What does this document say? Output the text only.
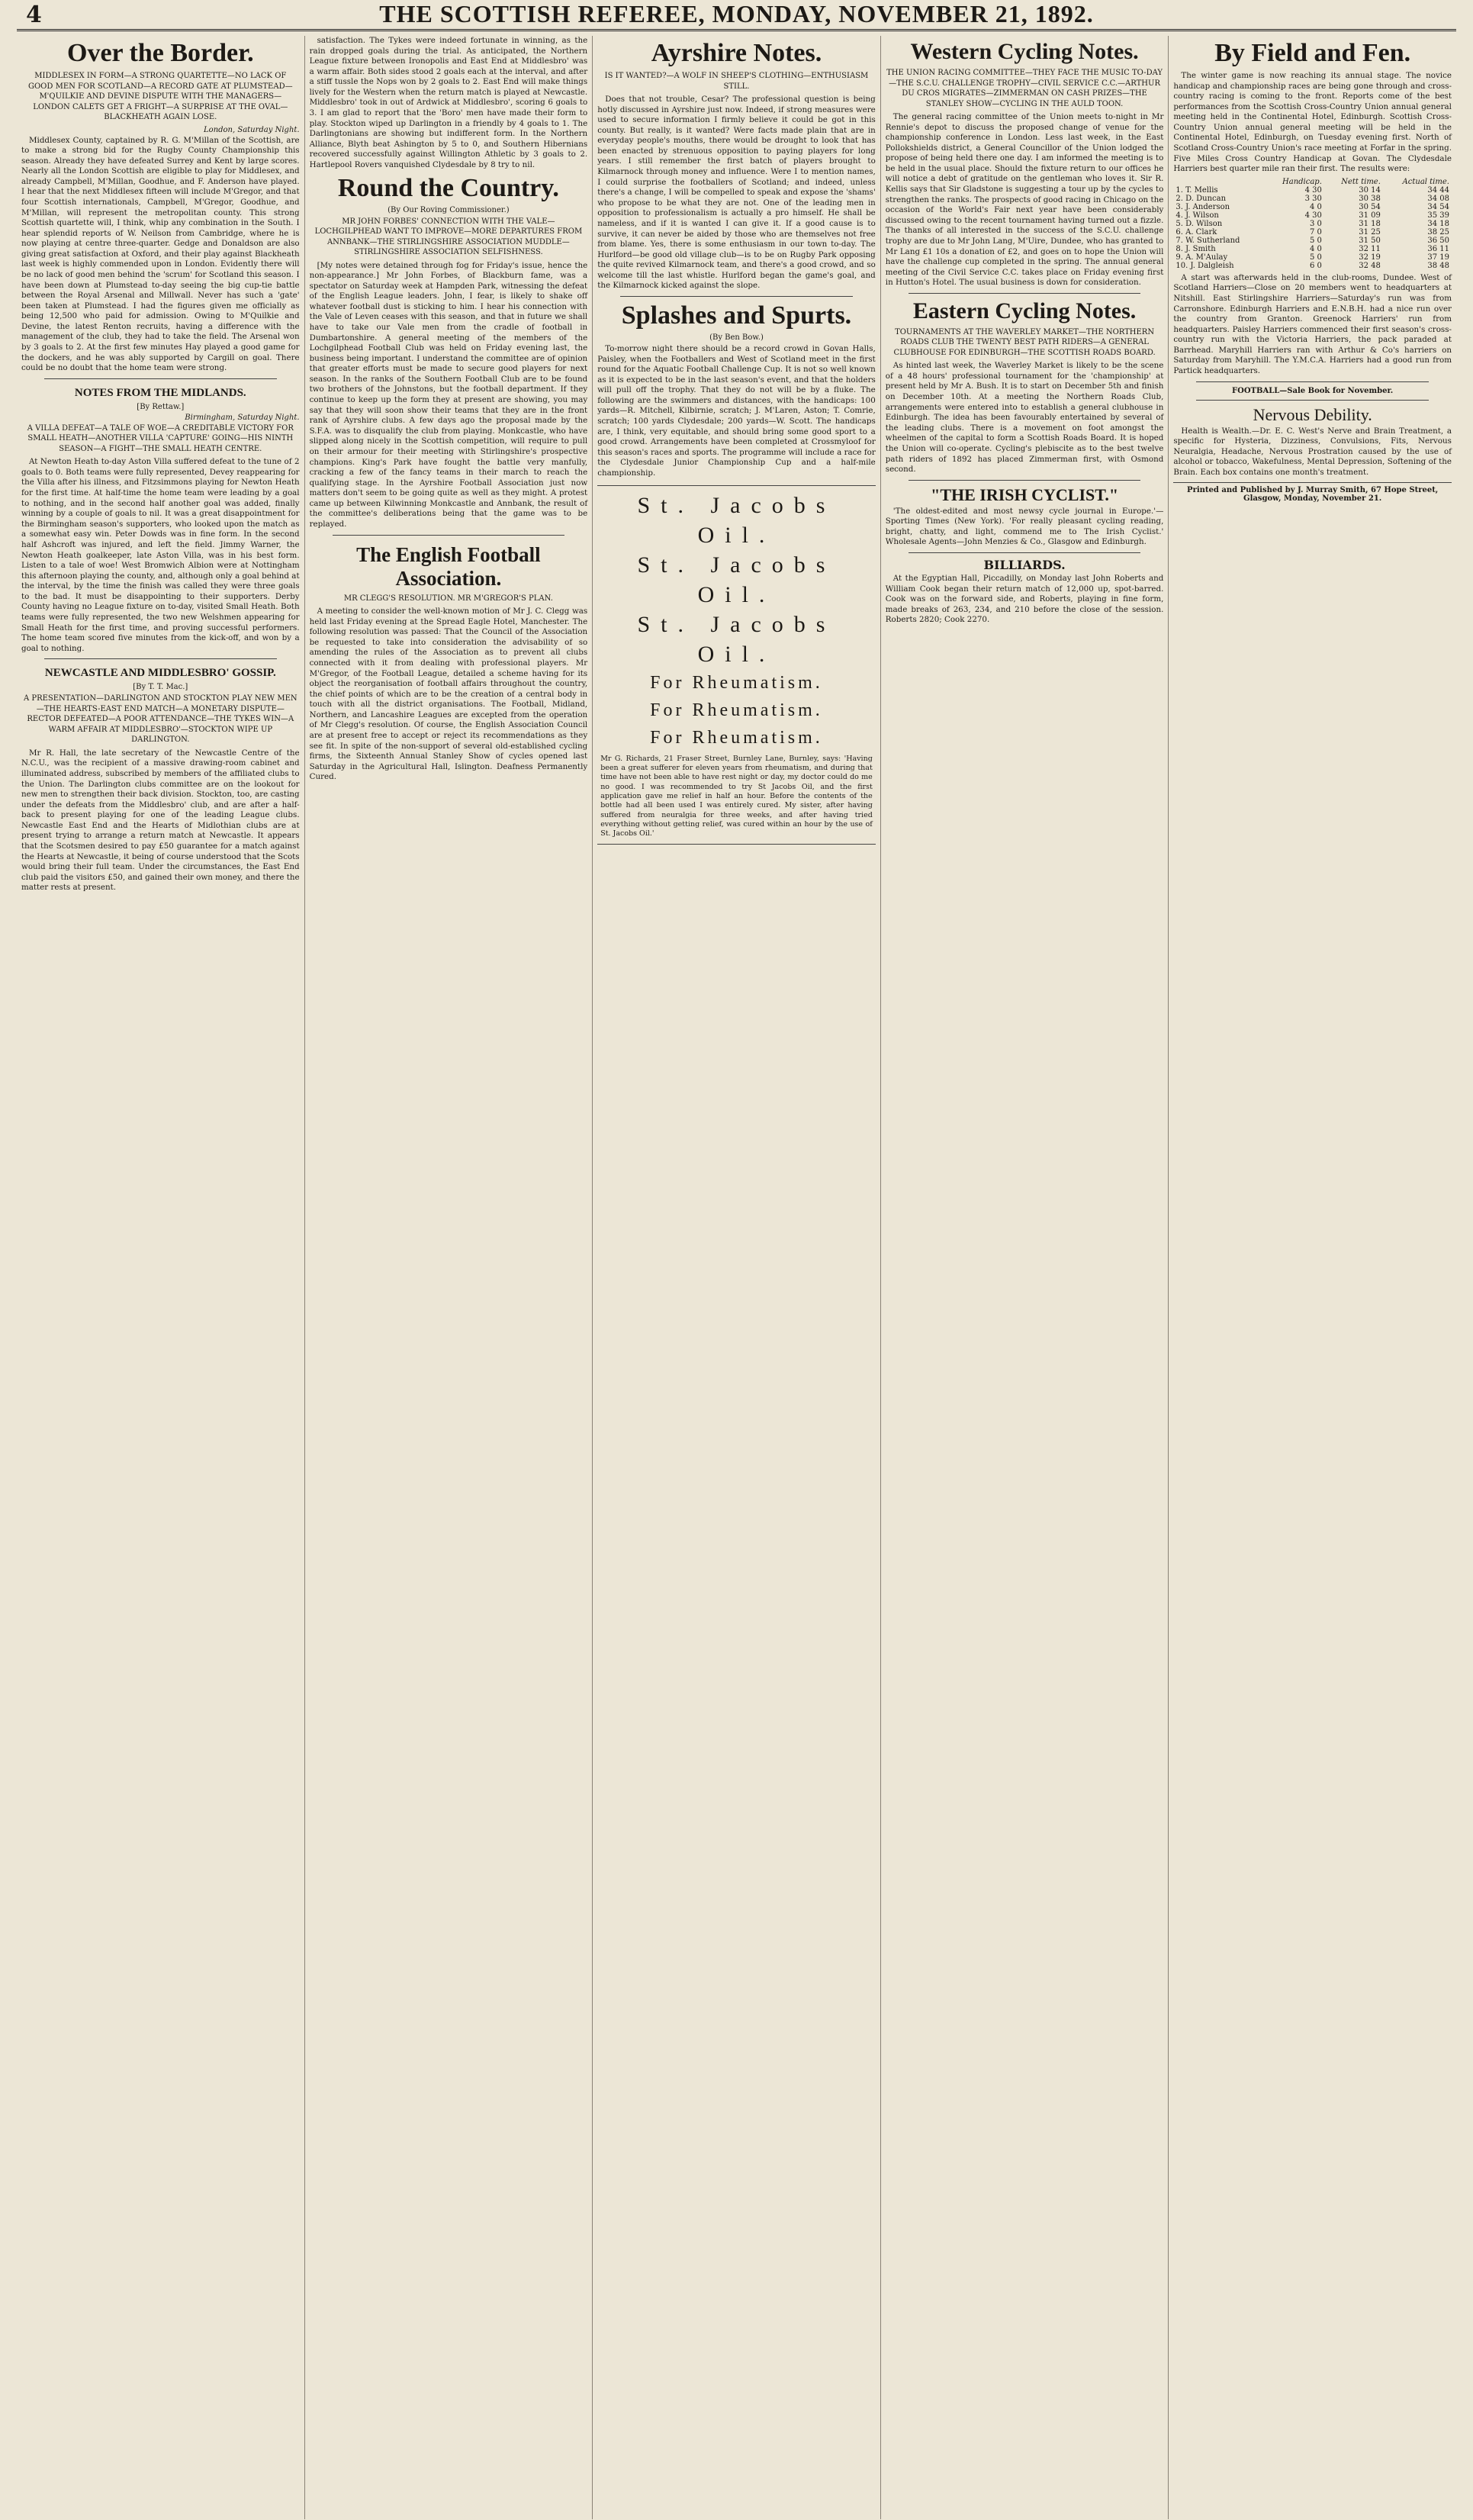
4	THE SCOTTISH REFEREE, MONDAY, NOVEMBER 21, 1892.
Over the Border.
MIDDLESEX IN FORM—A STRONG QUARTETTE—NO LACK OF GOOD MEN FOR SCOTLAND—A RECORD GATE AT PLUMSTEAD—M'QUILKIE AND DEVINE DISPUTE WITH THE MANAGERS—LONDON CALETS GET A FRIGHT—A SURPRISE AT THE OVAL—BLACKHEATH AGAIN LOSE.
London, Saturday Night.

Middlesex County, captained by R. G. M'Millan of the Scottish, are to make a strong bid for the Rugby County Championship this season. Already they have defeated Surrey and Kent by large scores. Nearly all the London Scottish are eligible to play for Middlesex, and already Campbell, M'Millan, Goodhue, and F. Anderson have played. I hear that the next Middlesex fifteen will include M'Gregor, and that four Scottish internationals, Campbell, M'Gregor, Goodhue, and M'Millan, will represent the metropolitan county. This strong Scottish quartette will, I think, whip any combination in the South. I hear splendid reports of W. Neilson from Cambridge, where he is now playing at centre three-quarter. Gedge and Donaldson are also giving great satisfaction at Oxford, and their play against Blackheath last week is highly commended upon in London. Evidently there will be no lack of good men behind the 'scrum' for Scotland this season. I have been down at Plumstead to-day seeing the big cup-tie battle between the Royal Arsenal and Millwall. Never has such a 'gate' been taken at Plumstead. I had the figures given me officially as being 12,500 who paid for admission. Owing to M'Quilkie and Devine, the latest Renton recruits, having a difference with the management of the club, they had to take the field. The Arsenal won by 3 goals to 2. At the first few minutes Hay played a good game for the dockers, and he was ably supported by Cargill on goal. There could be no doubt that the home team were strong.

NOTES FROM THE MIDLANDS.
[By Rettaw.]
Birmingham, Saturday Night.
A VILLA DEFEAT—A TALE OF WOE—A CREDITABLE VICTORY FOR SMALL HEATH—ANOTHER VILLA 'CAPTURE' GOING—HIS NINTH SEASON—A FIGHT—THE SMALL HEATH CENTRE.

At Newton Heath to-day Aston Villa suffered defeat to the tune of 2 goals to 0. Both teams were fully represented, Devey reappearing for the Villa after his illness, and Fitzsimmons playing for Newton Heath for the first time. At half-time the home team were leading by a goal to nothing, and in the second half another goal was added, finally winning by a couple of goals to nil. It was a great disappointment for the Birmingham season's supporters, who looked upon the match as a somewhat easy win. Peter Dowds was in fine form. In the second half Ashcroft was injured, and left the field. Jimmy Warner, the Newton Heath goalkeeper, late Aston Villa, was in his best form. Listen to a tale of woe! West Bromwich Albion were at Nottingham this afternoon playing the county, and, although only a goal behind at the interval, by the time the finish was called they were three goals to the bad. It must be disappointing to their supporters. Derby County having no League fixture on to-day, visited Small Heath. Both teams were fully represented, the two new Welshmen appearing for Small Heath for the first time, and proving successful performers. The home team scored five minutes from the kick-off, and won by a goal to nothing.

NEWCASTLE AND MIDDLESBRO' GOSSIP.
[By T. T. Mac.]
A PRESENTATION—DARLINGTON AND STOCKTON PLAY NEW MEN—THE HEARTS-EAST END MATCH—A MONETARY DISPUTE—RECTOR DEFEATED—A POOR ATTENDANCE—THE TYKES WIN—A WARM AFFAIR AT MIDDLESBRO'—STOCKTON WIPE UP DARLINGTON.

Mr R. Hall, the late secretary of the Newcastle Centre of the N.C.U., was the recipient of a massive drawing-room cabinet and illuminated address, subscribed by members of the affiliated clubs to the Union. The Darlington clubs committee are on the lookout for new men to strengthen their back division. Stockton, too, are casting under the defeats from the Middlesbro' club, and are after a half-back to present playing for one of the leading League clubs. Newcastle East End and the Hearts of Midlothian clubs are at present trying to arrange a return match at Newcastle. It appears that the Scotsmen desired to pay £50 guarantee for a match against the Hearts at Newcastle, it being of course understood that the Scots would bring their full team. Under the circumstances, the East End club paid the visitors £50, and gained their own money, and there the matter rests at present.

satisfaction. The Tykes were indeed fortunate in winning, as the rain dropped goals during the trial. As anticipated, the Northern League fixture between Ironopolis and East End at Middlesbro' was a warm affair. Both sides stood 2 goals each at the interval, and after a stiff tussle the Nops won by 2 goals to 2. East End will make things lively for the Western when the return match is played at Newcastle. Middlesbro' took in out of Ardwick at Middlesbro', scoring 6 goals to 3. I am glad to report that the 'Boro' men have made their form to play. Stockton wiped up Darlington in a friendly by 4 goals to 1. The Darlingtonians are showing but indifferent form. In the Northern Alliance, Blyth beat Ashington by 5 to 0, and Southern Hibernians recovered successfully against Willington Athletic by 3 goals to 2. Hartlepool Rovers vanquished Clydesdale by 8 try to nil.

Round the Country.
(By Our Roving Commissioner.)
MR JOHN FORBES' CONNECTION WITH THE VALE—LOCHGILPHEAD WANT TO IMPROVE—MORE DEPARTURES FROM ANNBANK—THE STIRLINGSHIRE ASSOCIATION MUDDLE—STIRLINGSHIRE ASSOCIATION SELFISHNESS.

[My notes were detained through fog for Friday's issue, hence the non-appearance.] Mr John Forbes, of Blackburn fame, was a spectator on Saturday week at Hampden Park, witnessing the defeat of the English League leaders. John, I fear, is likely to shake off whatever football dust is sticking to him. I hear his connection with the Vale of Leven ceases with this season, and that in future we shall have to take our Vale men from the cradle of football in Dumbartonshire. A general meeting of the members of the Lochgilphead Football Club was held on Friday evening last, the business being important. I understand the committee are of opinion that greater efforts must be made to secure good players for next season. In the ranks of the Southern Football Club are to be found two brothers of the Johnstons, but the football department. If they continue to keep up the form they at present are showing, you may say that they will soon show their teams that they are in the front rank of Ayrshire clubs. A few days ago the proposal made by the S.F.A. was to disqualify the club from playing. Monkcastle, who have slipped along nicely in the Scottish competition, will require to pull on their armour for their meeting with Stirlingshire's prospective champions. King's Park have fought the battle very manfully, cracking a few of the fancy teams in their march to reach the qualifying stage. In the Ayrshire Football Association just now matters don't seem to be going quite as well as they might. A protest came up between Kilwinning Monkcastle and Annbank, the result of the committee's deliberations being that the game was to be replayed.

The English Football Association.
MR CLEGG'S RESOLUTION. MR M'GREGOR'S PLAN.

A meeting to consider the well-known motion of Mr J. C. Clegg was held last Friday evening at the Spread Eagle Hotel, Manchester. The following resolution was passed: That the Council of the Association be requested to take into consideration the advisability of so amending the rules of the Association as to prevent all clubs connected with it from dealing with professional players. Mr M'Gregor, of the Football League, detailed a scheme having for its object the reorganisation of football affairs throughout the country, the chief points of which are to be the creation of a central body in touch with all the district organisations. The Football, Midland, Northern, and Lancashire Leagues are excepted from the operation of Mr Clegg's resolution. Of course, the English Association Council are at present free to accept or reject its recommendations as they see fit. In spite of the non-support of several old-established cycling firms, the Sixteenth Annual Stanley Show of cycles opened last Saturday in the Agricultural Hall, Islington. Deafness Permanently Cured.

Ayrshire Notes.
IS IT WANTED?—A WOLF IN SHEEP'S CLOTHING—ENTHUSIASM STILL.

Does that not trouble, Cesar? The professional question is being hotly discussed in Ayrshire just now. Indeed, if strong measures were used to secure information I firmly believe it could be got in this county. But really, is it wanted? Were facts made plain that are in everyday people's mouths, there would be drought to look that has been enacted by strenuous opposition to paying players for long years. I still remember the first batch of players brought to Kilmarnock through money and influence. Were I to mention names, I could surprise the footballers of Scotland; and indeed, unless there's a change, I will be compelled to speak and expose the 'shams' who propose to be what they are not. One of the leading men in opposition to professionalism is actually a pro himself. He shall be nameless, and if it is wanted I can give it. If a good cause is to survive, it can never be aided by those who are themselves not free from blame. Yes, there is some enthusiasm in our town to-day. The Hurlford—be good old village club—is to be on Rugby Park opposing the quite revived Kilmarnock team, and there's a good crowd, and so welcome till the last whistle. Hurlford began the game's goal, and the Kilmarnock kicked against the slope.

Splashes and Spurts.
(By Ben Bow.)

To-morrow night there should be a record crowd in Govan Halls, Paisley, when the Footballers and West of Scotland meet in the first round for the Aquatic Football Challenge Cup. It is not so well known as it is expected to be in the last season's event, and that the holders will pull off the trophy. That they do not will be by a fluke. The following are the swimmers and distances, with the handicaps: 100 yards—R. Mitchell, Kilbirnie, scratch; J. M'Laren, Aston; T. Comrie, scratch; 100 yards Clydesdale; 200 yards—W. Scott. The handicaps are, I think, very equitable, and should bring some good sport to a good crowd. Arrangements have been completed at Crossmyloof for this season's races and sports. The programme will include a race for the Clydesdale Junior Championship Cup and a half-mile championship.

St. Jacobs Oil.
St. Jacobs Oil.
St. Jacobs Oil.
For Rheumatism.
For Rheumatism.
For Rheumatism.
Mr G. Richards, 21 Fraser Street, Burnley Lane, Burnley, says: 'Having been a great sufferer for eleven years from rheumatism, and during that time have not been able to have rest night or day, my doctor could do me no good. I was recommended to try St Jacobs Oil, and the first application gave me relief in half an hour. Before the contents of the bottle had all been used I was entirely cured. My sister, after having suffered from neuralgia for three weeks, and after having tried everything without getting relief, was cured within an hour by the use of St. Jacobs Oil.'
Western Cycling Notes.
THE UNION RACING COMMITTEE—THEY FACE THE MUSIC TO-DAY—THE S.C.U. CHALLENGE TROPHY—CIVIL SERVICE C.C.—ARTHUR DU CROS MIGRATES—ZIMMERMAN ON CASH PRIZES—THE STANLEY SHOW—CYCLING IN THE AULD TOON.

The general racing committee of the Union meets to-night in Mr Rennie's depot to discuss the proposed change of venue for the championship conference in London. Less last week, in the East Pollokshields district, a General Councillor of the Union lodged the propose of being held there one day. I am informed the meeting is to be held in the usual place. Should the fixture return to our offices he will notice a debt of gratitude on the gentleman who loves it. Sir R. Kellis says that Sir Gladstone is suggesting a tour up by the cycles to strengthen the ranks. The prospects of good racing in Chicago on the occasion of the World's Fair next year have been considerably discussed owing to the recent tournament having turned out a fizzle. The thanks of all interested in the success of the S.C.U. challenge trophy are due to Mr John Lang, M'Uire, Dundee, who has granted to Mr Lang £1 10s a donation of £2, and goes on to hope the Union will have the challenge cup completed in the spring. The annual general meeting of the Civil Service C.C. takes place on Friday evening first in Hutton's Hotel. The usual business is down for consideration.

Eastern Cycling Notes.
TOURNAMENTS AT THE WAVERLEY MARKET—THE NORTHERN ROADS CLUB THE TWENTY BEST PATH RIDERS—A GENERAL CLUBHOUSE FOR EDINBURGH—THE SCOTTISH ROADS BOARD.

As hinted last week, the Waverley Market is likely to be the scene of a 48 hours' professional tournament for the 'championship' at present held by Mr A. Bush. It is to start on December 5th and finish on December 10th. At a meeting the Northern Roads Club, arrangements were entered into to establish a general clubhouse in Edinburgh. The idea has been favourably entertained by several of the leading clubs. There is a movement on foot amongst the wheelmen of the capital to form a Scottish Roads Board. It is hoped the Union will co-operate. Cycling's plebiscite as to the best twelve path riders of 1892 has placed Zimmerman first, with Osmond second.

"THE IRISH CYCLIST."

'The oldest-edited and most newsy cycle journal in Europe.'—Sporting Times (New York). 'For really pleasant cycling reading, bright, chatty, and light, commend me to The Irish Cyclist.' Wholesale Agents—John Menzies & Co., Glasgow and Edinburgh.

BILLIARDS.

At the Egyptian Hall, Piccadilly, on Monday last John Roberts and William Cook began their return match of 12,000 up, spot-barred. Cook was on the forward side, and Roberts, playing in fine form, made breaks of 263, 234, and 210 before the close of the session. Roberts 2820; Cook 2270.

By Field and Fen.

The winter game is now reaching its annual stage. The novice handicap and championship races are being gone through and cross-country racing is coming to the front. Reports come of the best performances from the Scottish Cross-Country Union annual general meeting held in the Continental Hotel, Edinburgh. Scottish Cross-Country Union annual general meeting will be held in the Continental Hotel, Edinburgh, on Tuesday evening first. North of Scotland Cross-Country Union's race meeting at Forfar in the spring. Five Miles Cross Country Handicap at Govan. The Clydesdale Harriers best quarter mile ran their first. The results were:

	Handicap.	Nett time.	Actual time.
1. T. Mellis	4 30	30 14	34 44
2. D. Duncan	3 30	30 38	34 08
3. J. Anderson	4 0	30 54	34 54
4. J. Wilson	4 30	31 09	35 39
5. D. Wilson	3 0	31 18	34 18
6. A. Clark	7 0	31 25	38 25
7. W. Sutherland	5 0	31 50	36 50
8. J. Smith	4 0	32 11	36 11
9. A. M'Aulay	5 0	32 19	37 19
10. J. Dalgleish	6 0	32 48	38 48

A start was afterwards held in the club-rooms, Dundee. West of Scotland Harriers—Close on 20 members went to headquarters at Nitshill. East Stirlingshire Harriers—Saturday's run was from Carronshore. Edinburgh Harriers and E.N.B.H. had a nice run over the country from Granton. Greenock Harriers' run from headquarters. Paisley Harriers commenced their first season's cross-country run with the Victoria Harriers, the pack paraded at Barrhead. Maryhill Harriers ran with Arthur & Co's harriers on Saturday from Maryhill. The Y.M.C.A. Harriers had a good run from Partick headquarters.

FOOTBALL—Sale Book for November.
Nervous Debility.

Health is Wealth.—Dr. E. C. West's Nerve and Brain Treatment, a specific for Hysteria, Dizziness, Convulsions, Fits, Nervous Neuralgia, Headache, Nervous Prostration caused by the use of alcohol or tobacco, Wakefulness, Mental Depression, Softening of the Brain. Each box contains one month's treatment.

Printed and Published by J. Murray Smith, 67 Hope Street, Glasgow, Monday, November 21.
